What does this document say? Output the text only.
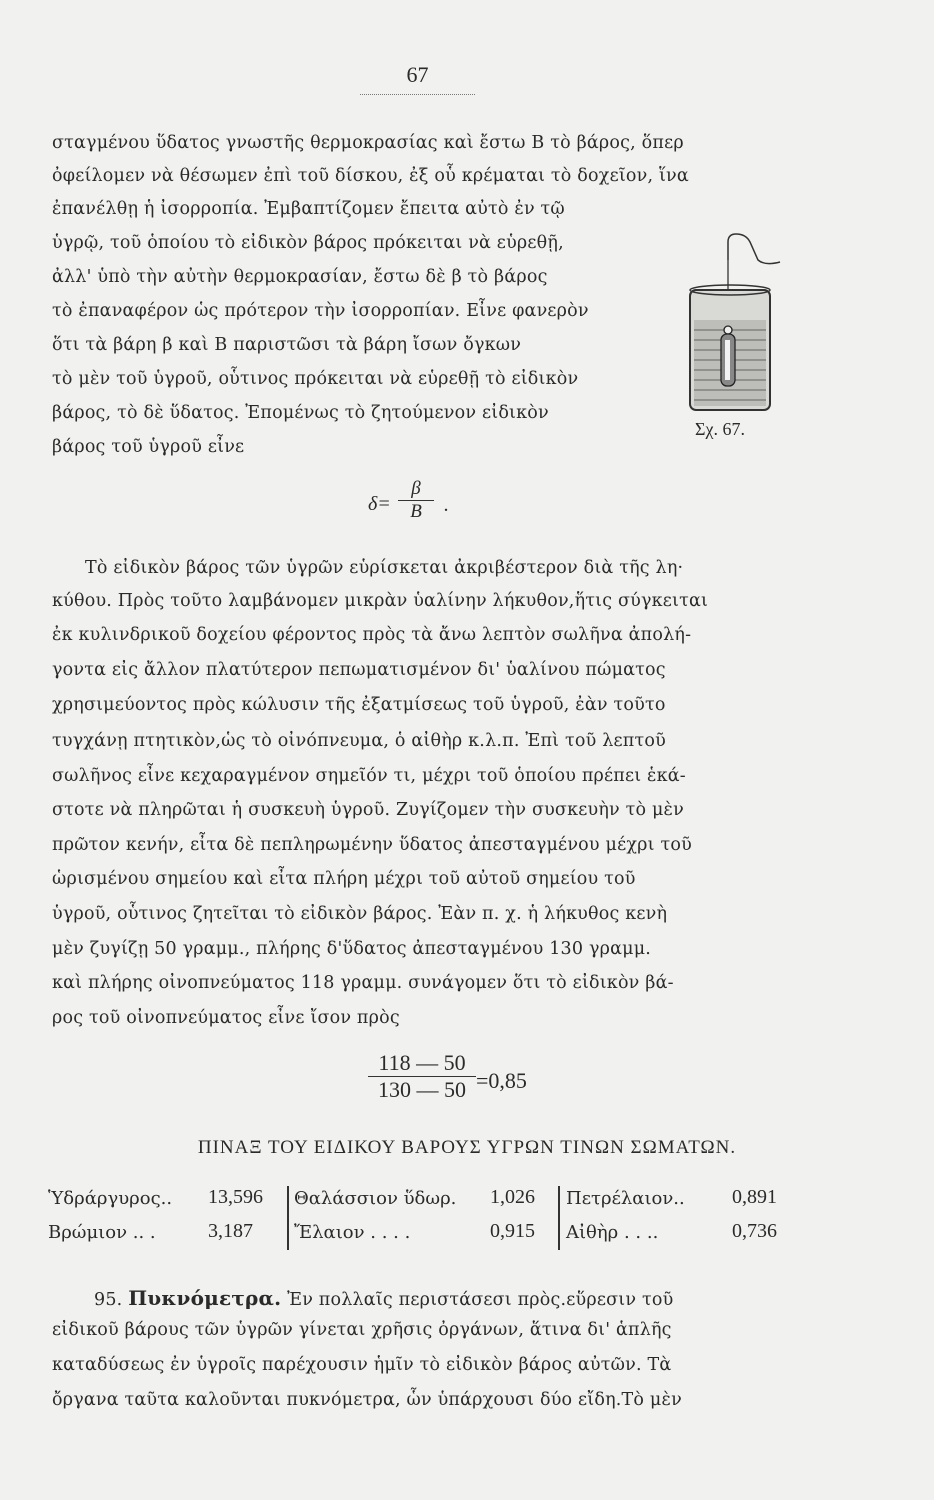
67
σταγμένου ὕδατος γνωστῆς θερμοκρασίας καὶ ἔστω Β τὸ βάρος, ὅπερ
ὀφείλομεν νὰ θέσωμεν ἐπὶ τοῦ δίσκου, ἐξ οὗ κρέμαται τὸ δοχεῖον, ἵνα
ἐπανέλθῃ ἡ ἰσορροπία. Ἐμβαπτίζομεν ἔπειτα αὐτὸ ἐν τῷ
ὑγρῷ, τοῦ ὁποίου τὸ εἰδικὸν βάρος πρόκειται νὰ εὑρεθῇ,
ἀλλ' ὑπὸ τὴν αὐτὴν θερμοκρασίαν, ἔστω δὲ β τὸ βάρος
τὸ ἐπαναφέρον ὡς πρότερον τὴν ἰσορροπίαν. Εἶνε φανερὸν
ὅτι τὰ βάρη β καὶ Β παριστῶσι τὰ βάρη ἴσων ὄγκων
τὸ μὲν τοῦ ὑγροῦ, οὗτινος πρόκειται νὰ εὑρεθῇ τὸ εἰδικὸν
βάρος, τὸ δὲ ὕδατος. Ἐπομένως τὸ ζητούμενον εἰδικὸν
βάρος τοῦ ὑγροῦ εἶνε
Σχ. 67.
$\delta= \frac{\beta}{B}$ .
Τὸ εἰδικὸν βάρος τῶν ὑγρῶν εὑρίσκεται ἀκριβέστερον διὰ τῆς λη·
κύθου. Πρὸς τοῦτο λαμβάνομεν μικρὰν ὑαλίνην λήκυθον,ἥτις σύγκειται
ἐκ κυλινδρικοῦ δοχείου φέροντος πρὸς τὰ ἄνω λεπτὸν σωλῆνα ἀπολή-
γοντα εἰς ἄλλον πλατύτερον πεπωματισμένον δι' ὑαλίνου πώματος
χρησιμεύοντος πρὸς κώλυσιν τῆς ἐξατμίσεως τοῦ ὑγροῦ, ἐὰν τοῦτο
τυγχάνῃ πτητικὸν,ὡς τὸ οἰνόπνευμα, ὁ αἰθὴρ κ.λ.π. Ἐπὶ τοῦ λεπτοῦ
σωλῆνος εἶνε κεχαραγμένον σημεῖόν τι, μέχρι τοῦ ὁποίου πρέπει ἑκά-
στοτε νὰ πληρῶται ἡ συσκευὴ ὑγροῦ. Ζυγίζομεν τὴν συσκευὴν τὸ μὲν
πρῶτον κενήν, εἶτα δὲ πεπληρωμένην ὕδατος ἀπεσταγμένου μέχρι τοῦ
ὡρισμένου σημείου καὶ εἶτα πλήρη μέχρι τοῦ αὐτοῦ σημείου τοῦ
ὑγροῦ, οὗτινος ζητεῖται τὸ εἰδικὸν βάρος. Ἐὰν π. χ. ἡ λήκυθος κενὴ
μὲν ζυγίζῃ 50 γραμμ., πλήρης δ'ὕδατος ἀπεσταγμένου 130 γραμμ.
καὶ πλήρης οἰνοπνεύματος 118 γραμμ. συνάγομεν ὅτι τὸ εἰδικὸν βά-
ρος τοῦ οἰνοπνεύματος εἶνε ἴσον πρὸς
$\frac{118 — 50}{130 — 50} =0,85$
ΠΙΝΑΞ ΤΟΥ ΕΙΔΙΚΟΥ ΒΑΡΟΥΣ ΥΓΡΩΝ ΤΙΝΩΝ ΣΩΜΑΤΩΝ.
Ὑδράργυρος.. 13,596 Θαλάσσιον ὕδωρ. 1,026 Πετρέλαιον.. 0,891
Βρώμιον .. .	3,187 Ἔλαιον . . . .	0,915 Αἰθὴρ . . ..	0,736
95. Πυκνόμετρα. Ἐν πολλαῖς περιστάσεσι πρὸς.εὕρεσιν τοῦ
εἰδικοῦ βάρους τῶν ὑγρῶν γίνεται χρῆσις ὀργάνων, ἅτινα δι' ἁπλῆς
καταδύσεως ἐν ὑγροῖς παρέχουσιν ἡμῖν τὸ εἰδικὸν βάρος αὐτῶν. Τὰ
ὄργανα ταῦτα καλοῦνται πυκνόμετρα, ὧν ὑπάρχουσι δύο εἴδη.Τὸ μὲν
